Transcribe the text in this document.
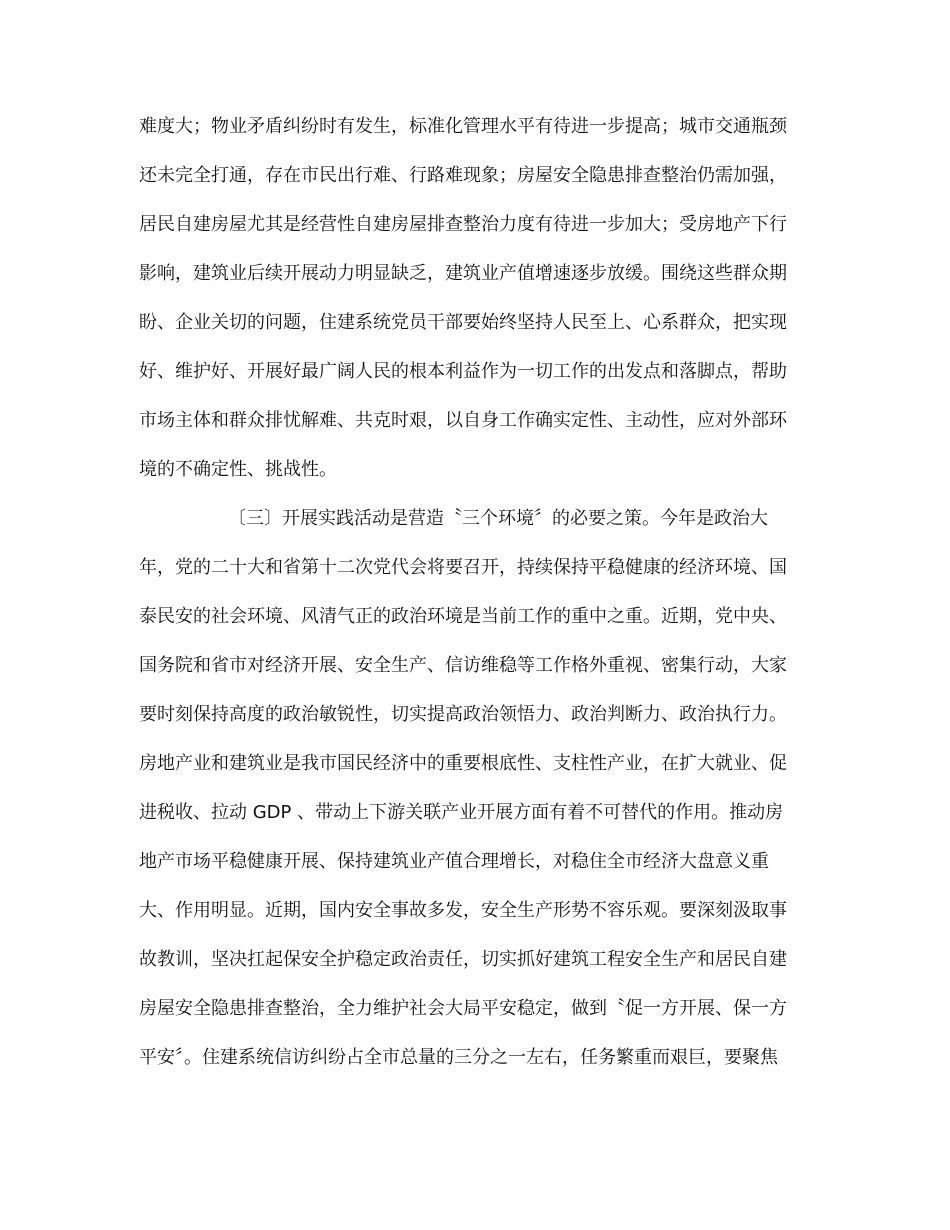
难度大；物业矛盾纠纷时有发生，标准化管理水平有待进一步提高；城市交通瓶颈
还未完全打通，存在市民出行难、行路难现象；房屋安全隐患排查整治仍需加强，
居民自建房屋尤其是经营性自建房屋排查整治力度有待进一步加大；受房地产下行
影响，建筑业后续开展动力明显缺乏，建筑业产值增速逐步放缓。围绕这些群众期
盼、企业关切的问题，住建系统党员干部要始终坚持人民至上、心系群众，把实现
好、维护好、开展好最广阔人民的根本利益作为一切工作的出发点和落脚点，帮助
市场主体和群众排忧解难、共克时艰，以自身工作确实定性、主动性，应对外部环
境的不确定性、挑战性。
〔三〕开展实践活动是营造〝三个环境〞的必要之策。今年是政治大
年，党的二十大和省第十二次党代会将要召开，持续保持平稳健康的经济环境、国
泰民安的社会环境、风清气正的政治环境是当前工作的重中之重。近期，党中央、
国务院和省市对经济开展、安全生产、信访维稳等工作格外重视、密集行动，大家
要时刻保持高度的政治敏锐性，切实提高政治领悟力、政治判断力、政治执行力。
房地产业和建筑业是我市国民经济中的重要根底性、支柱性产业，在扩大就业、促
进税收、拉动 GDP 、带动上下游关联产业开展方面有着不可替代的作用。推动房
地产市场平稳健康开展、保持建筑业产值合理增长，对稳住全市经济大盘意义重
大、作用明显。近期，国内安全事故多发，安全生产形势不容乐观。要深刻汲取事
故教训，坚决扛起保安全护稳定政治责任，切实抓好建筑工程安全生产和居民自建
房屋安全隐患排查整治，全力维护社会大局平安稳定，做到〝促一方开展、保一方
平安〞。住建系统信访纠纷占全市总量的三分之一左右，任务繁重而艰巨，要聚焦
